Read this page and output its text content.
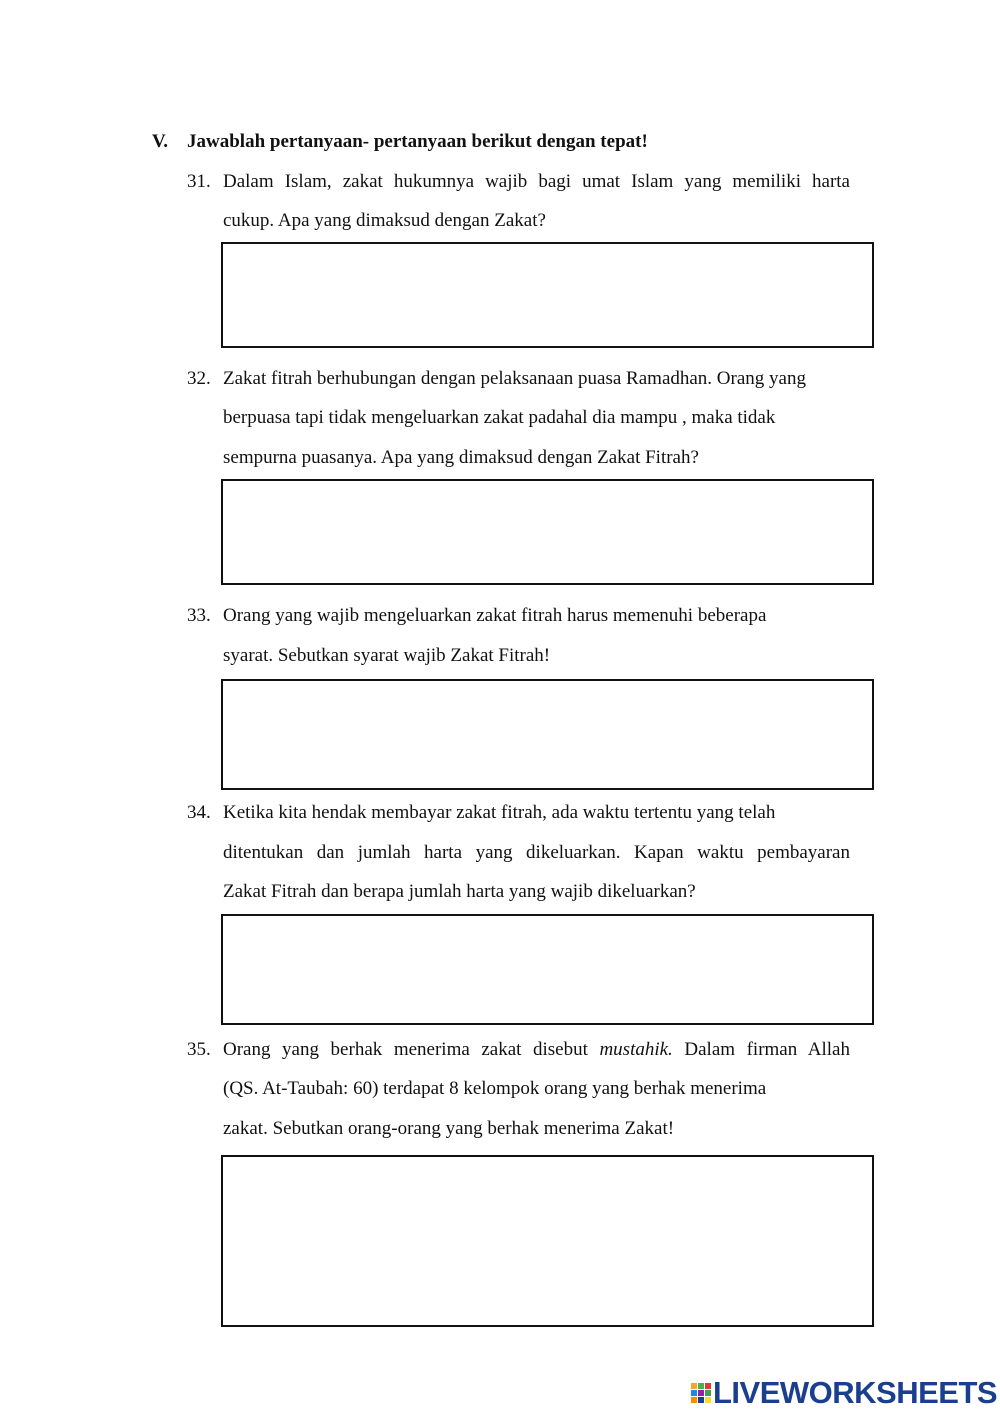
V. Jawablah pertanyaan- pertanyaan berikut dengan tepat!
31. Dalam Islam, zakat hukumnya wajib bagi umat Islam yang memiliki harta
cukup. Apa yang dimaksud dengan Zakat?
32. Zakat fitrah berhubungan dengan pelaksanaan puasa Ramadhan. Orang yang
berpuasa tapi tidak mengeluarkan zakat padahal dia mampu , maka tidak
sempurna puasanya. Apa yang dimaksud dengan Zakat Fitrah?
33. Orang yang wajib mengeluarkan zakat fitrah harus memenuhi beberapa
syarat. Sebutkan syarat wajib Zakat Fitrah!
34. Ketika kita hendak membayar zakat fitrah, ada waktu tertentu yang telah
ditentukan dan jumlah harta yang dikeluarkan. Kapan waktu pembayaran
Zakat Fitrah dan berapa jumlah harta yang wajib dikeluarkan?
35. Orang yang berhak menerima zakat disebut mustahik. Dalam firman Allah
(QS. At-Taubah: 60) terdapat 8 kelompok orang yang berhak menerima
zakat. Sebutkan orang-orang yang berhak menerima Zakat!
LIVEWORKSHEETS
